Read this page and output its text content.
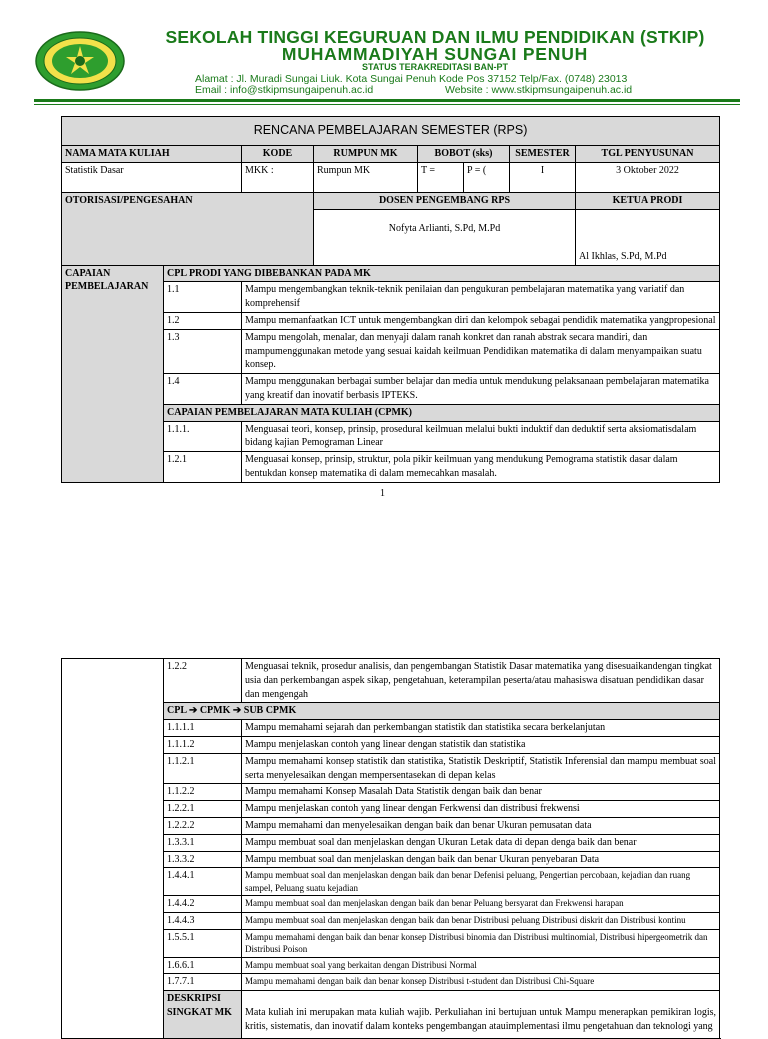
SEKOLAH TINGGI KEGURUAN DAN ILMU PENDIDIKAN (STKIP)
MUHAMMADIYAH SUNGAI PENUH
STATUS TERAKREDITASI BAN-PT
Alamat : Jl. Muradi Sungai Liuk. Kota Sungai Penuh Kode Pos 37152 Telp/Fax. (0748) 23013
Email : info@stkipmsungaipenuh.ac.id	Website : www.stkipmsungaipenuh.ac.id
RENCANA PEMBELAJARAN SEMESTER (RPS)							
NAMA MATA KULIAH		KODE	RUMPUN MK	BOBOT (sks)		SEMESTER	TGL PENYUSUNAN
Statistik Dasar		MKK :	Rumpun MK	T =	P = (	I	3 Oktober 2022
OTORISASI/PENGESAHAN			DOSEN PENGEMBANG RPS				KETUA PRODI
			Nofyta Arlianti, S.Pd, M.Pd				Al Ikhlas, S.Pd, M.Pd
CAPAIAN PEMBELAJARAN	CPL PRODI YANG DIBEBANKAN PADA MK						
	1.1	Mampu mengembangkan teknik-teknik penilaian dan pengukuran pembelajaran matematika yang variatif dan komprehensif					
	1.2	Mampu memanfaatkan ICT untuk mengembangkan diri dan kelompok sebagai pendidik matematika yangpropesional					
	1.3	Mampu mengolah, menalar, dan menyaji dalam ranah konkret dan ranah abstrak secara mandiri, dan mampumenggunakan metode yang sesuai kaidah keilmuan Pendidikan matematika di dalam menyampaikan suatu konsep.					
	1.4	Mampu menggunakan berbagai sumber belajar dan media untuk mendukung pelaksanaan pembelajaran matematika yang kreatif dan inovatif berbasis IPTEKS.					
	CAPAIAN PEMBELAJARAN MATA KULIAH (CPMK)						
	1.1.1.	Menguasai teori, konsep, prinsip, prosedural keilmuan melalui bukti induktif dan deduktif serta aksiomatisdalam bidang kajian Pemograman Linear					
	1.2.1	Menguasai konsep, prinsip, struktur, pola pikir keilmuan yang mendukung Pemograma statistik dasar dalam bentukdan konsep matematika di dalam memecahkan masalah.					
1
	1.2.2	Menguasai teknik, prosedur analisis, dan pengembangan Statistik Dasar matematika yang disesuaikandengan tingkat usia dan perkembangan aspek sikap, pengetahuan, keterampilan peserta/atau mahasiswa disatuan pendidikan dasar dan mengengah
	CPL ➔ CPMK ➔ SUB CPMK	
	1.1.1.1	Mampu memahami sejarah dan perkembangan statistik dan statistika secara berkelanjutan
	1.1.1.2	Mampu menjelaskan contoh yang linear dengan statistik dan statistika
	1.1.2.1	Mampu memahami konsep statistik dan statistika, Statistik Deskriptif, Statistik Inferensial dan mampu membuat soal serta menyelesaikan dengan mempersentasekan di depan kelas
	1.1.2.2	Mampu memahami Konsep Masalah Data Statistik dengan baik dan benar
	1.2.2.1	Mampu menjelaskan contoh yang linear dengan Ferkwensi dan distribusi frekwensi
	1.2.2.2	Mampu memahami dan menyelesaikan dengan baik dan benar Ukuran pemusatan data
	1.3.3.1	Mampu membuat soal dan menjelaskan dengan Ukuran Letak data di depan denga baik dan benar
	1.3.3.2	Mampu membuat soal dan menjelaskan dengan baik dan benar Ukuran penyebaran Data
	1.4.4.1	Mampu membuat soal dan menjelaskan dengan baik dan benar Defenisi peluang, Pengertian percobaan, kejadian dan ruang sampel, Peluang suatu kejadian
	1.4.4.2	Mampu membuat soal dan menjelaskan dengan baik dan benar Peluang bersyarat dan Frekwensi harapan
	1.4.4.3	Mampu membuat soal dan menjelaskan dengan baik dan benar Distribusi peluang Distribusi diskrit dan Distribusi kontinu
	1.5.5.1	Mampu memahami dengan baik dan benar konsep Distribusi binomia dan Distribusi multinomial, Distribusi hipergeometrik dan Distribusi Poison
	1.6.6.1	Mampu membuat soal yang berkaitan dengan Distribusi Normal
	1.7.7.1	Mampu memahami dengan baik dan benar konsep Distribusi t-student dan Distribusi Chi-Square
	DESKRIPSI SINGKAT MK	Mata kuliah ini merupakan mata kuliah wajib. Perkuliahan ini bertujuan untuk Mampu menerapkan pemikiran logis, kritis, sistematis, dan inovatif dalam konteks pengembangan atauimplementasi ilmu pengetahuan dan teknologi yang
